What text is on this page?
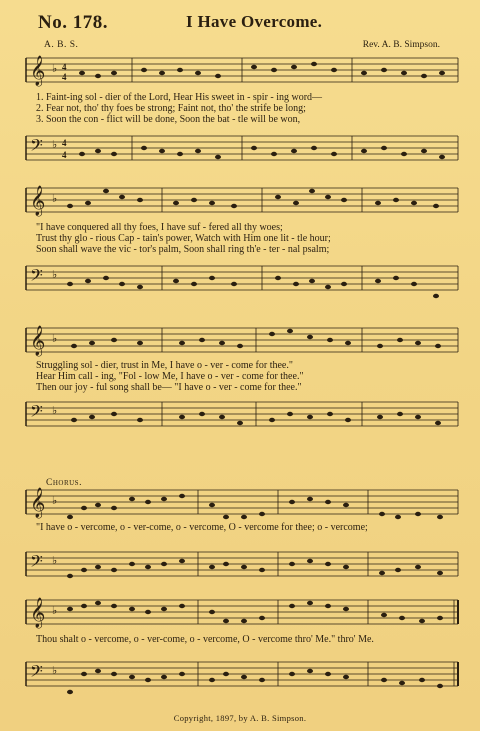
No. 178.	I Have Overcome.
A. B. S.	Rev. A. B. Simpson.
𝄞 ♭ 4
4
1. Faint-ing sol - dier of the Lord, Hear His sweet in - spir - ing word—
2. Fear not, tho' thy foes be strong; Faint not, tho' the strife be long;
3. Soon the con - flict will be done, Soon the bat - tle will be won,
𝄢 ♭ 4
4
𝄞 ♭
"I have conquered all thy foes, I have suf - fered all thy woes;
Trust thy glo - rious Cap - tain's power, Watch with Him one lit - tle hour;
Soon shall wave the vic - tor's palm, Soon shall ring th'e - ter - nal psalm;
𝄢 ♭
𝄞 ♭
Struggling sol - dier, trust in Me, I have o - ver - come for thee."
Hear Him call - ing, "Fol - low Me, I have o - ver - come for thee."
Then our joy - ful song shall be— "I have o - ver - come for thee."
𝄢 ♭
Chorus.
𝄞 ♭
"I have o - vercome, o - ver-come, o - vercome, O - vercome for thee; o - vercome;
𝄢 ♭
𝄞 ♭
Thou shalt o - vercome, o - ver-come, o - vercome, O - vercome thro' Me." thro' Me.
𝄢 ♭
Copyright, 1897, by A. B. Simpson.
